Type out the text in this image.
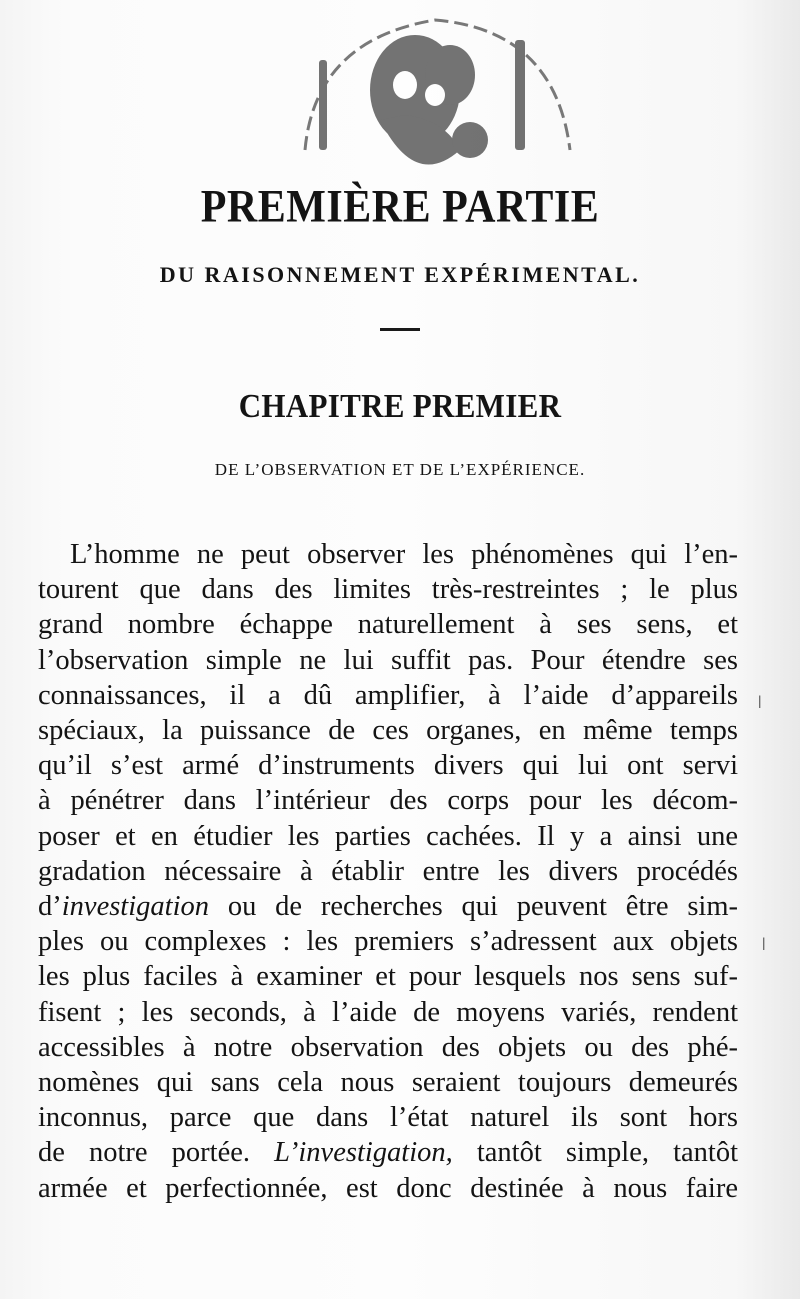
PREMIÈRE PARTIE
DU RAISONNEMENT EXPÉRIMENTAL.
CHAPITRE PREMIER
DE L’OBSERVATION ET DE L’EXPÉRIENCE.
L’homme ne peut observer les phénomènes qui l’en-
tourent que dans des limites très-restreintes ; le plus
grand nombre échappe naturellement à ses sens, et
l’observation simple ne lui suffit pas. Pour étendre ses
connaissances, il a dû amplifier, à l’aide d’appareils
spéciaux, la puissance de ces organes, en même temps
qu’il s’est armé d’instruments divers qui lui ont servi
à pénétrer dans l’intérieur des corps pour les décom-
poser et en étudier les parties cachées. Il y a ainsi une
gradation nécessaire à établir entre les divers procédés
d’investigation ou de recherches qui peuvent être sim-
ples ou complexes : les premiers s’adressent aux objets
les plus faciles à examiner et pour lesquels nos sens suf-
fisent ; les seconds, à l’aide de moyens variés, rendent
accessibles à notre observation des objets ou des phé-
nomènes qui sans cela nous seraient toujours demeurés
inconnus, parce que dans l’état naturel ils sont hors
de notre portée. L’investigation, tantôt simple, tantôt
armée et perfectionnée, est donc destinée à nous faire
ǀ
ǀ
